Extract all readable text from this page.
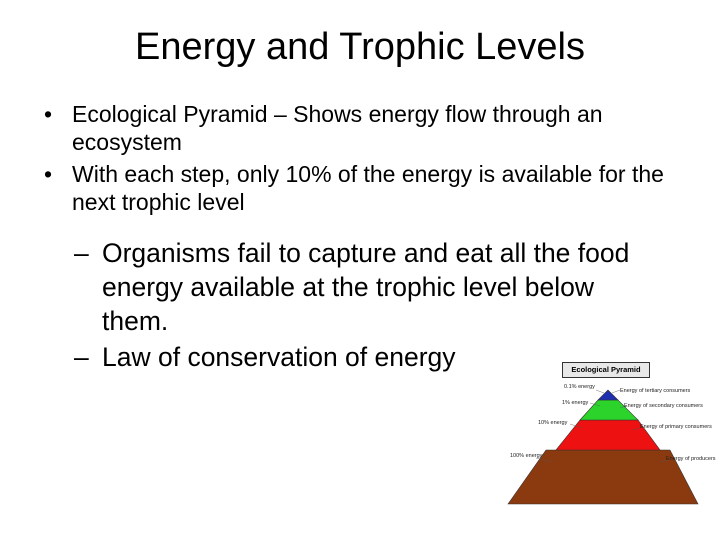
Energy and Trophic Levels
• Ecological Pyramid – Shows energy flow through an ecosystem
• With each step, only 10% of the energy is available for the next trophic level
– Organisms fail to capture and eat all the food energy available at the trophic level below them.
– Law of conservation of energy	Ecological Pyramid
0.1% energy
Energy of tertiary consumers
1% energy	Energy of secondary consumers
10% energy
Energy of primary consumers
100% energy	Energy of producers
